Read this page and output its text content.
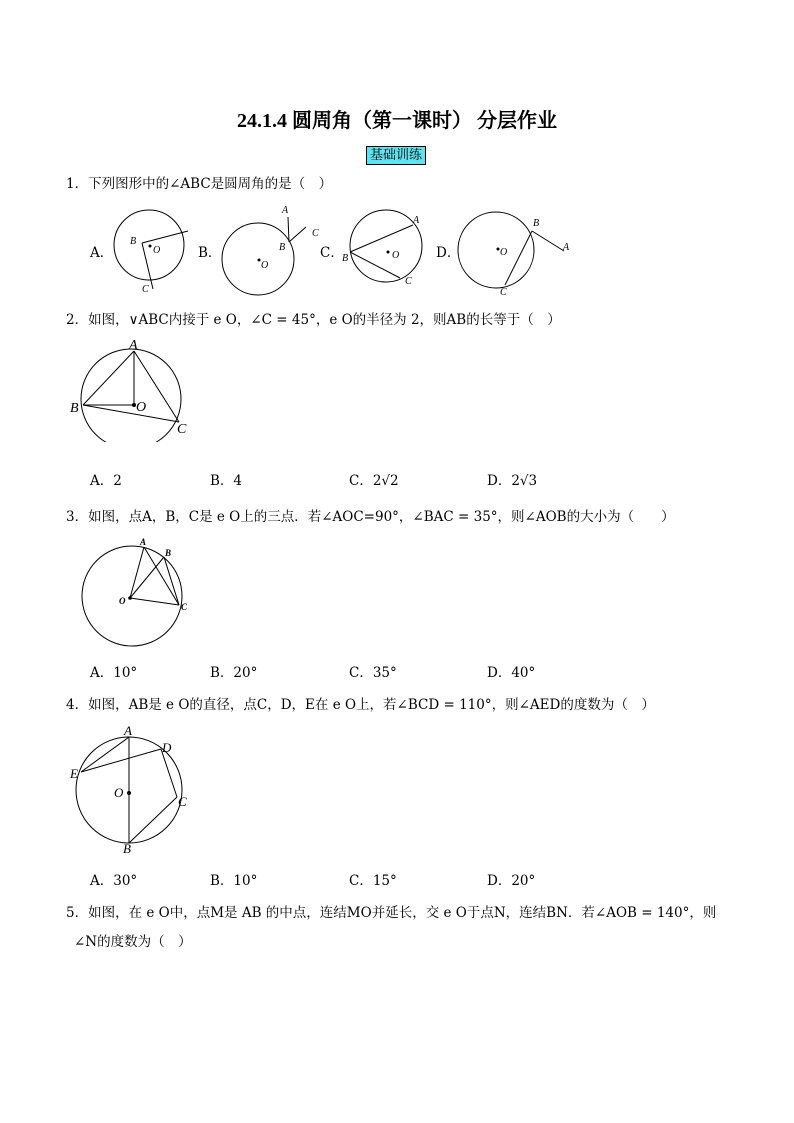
24.1.4 圆周角（第一课时） 分层作业
基础训练
1．下列图形中的∠ABC是圆周角的是（　）
A．	B．	C．	D．
B
O
C
A
B
C
O
B
A
O
C
B
A
O
C
2．如图，∨ABC内接于 e O，∠C = 45°，e O的半径为 2，则AB的长等于（　）
A
B	O
C
A．2	B．4	C．2√2	D．2√3
3．如图，点A，B，C是 e O上的三点．若∠AOC=90°，∠BAC = 35°，则∠AOB的大小为（　　）
A
B
O
C
A．10°	B．20°	C．35°	D．40°
4．如图，AB是 e O的直径，点C，D，E在 e O上，若∠BCD = 110°，则∠AED的度数为（　）
A
D
E
O
C
B
A．30°	B．10°	C．15°	D．20°
5．如图，在 e O中，点M是 AB 的中点，连结MO并延长，交 e O于点N，连结BN．若∠AOB = 140°，则
∠N的度数为（　）
